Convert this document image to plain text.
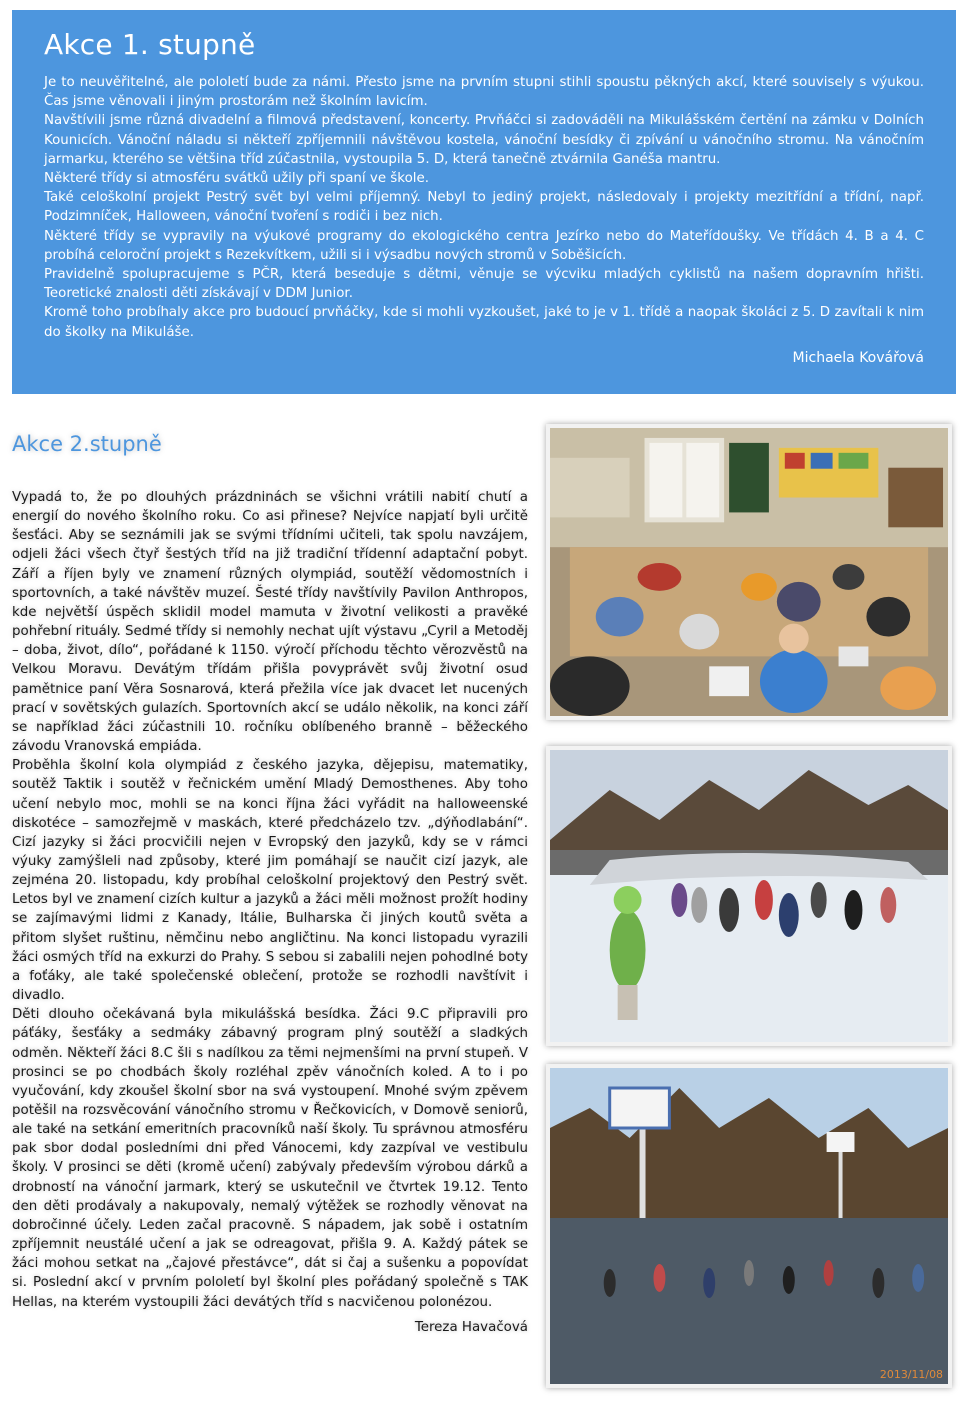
Akce 1. stupně

Je to neuvěřitelné, ale pololetí bude za námi. Přesto jsme na prvním stupni stihli spoustu pěkných akcí, které souvisely s výukou. Čas jsme věnovali i jiným prostorám než školním lavicím.

Navštívili jsme různá divadelní a filmová představení, koncerty. Prvňáčci si zadováděli na Mikulášském čertění na zámku v Dolních Kounicích. Vánoční náladu si někteří zpříjemnili návštěvou kostela, vánoční besídky či zpívání u vánočního stromu. Na vánočním jarmarku, kterého se většina tříd zúčastnila, vystoupila 5. D, která tanečně ztvárnila Ganéša mantru.

Některé třídy si atmosféru svátků užily při spaní ve škole.

Také celoškolní projekt Pestrý svět byl velmi příjemný. Nebyl to jediný projekt, následovaly i projekty mezitřídní a třídní, např. Podzimníček, Halloween, vánoční tvoření s rodiči i bez nich.

Některé třídy se vypravily na výukové programy do ekologického centra Jezírko nebo do Mateřídoušky. Ve třídách 4. B a 4. C probíhá celoroční projekt s Rezekvítkem, užili si i výsadbu nových stromů v Soběšicích.

Pravidelně spolupracujeme s PČR, která beseduje s dětmi, věnuje se výcviku mladých cyklistů na našem dopravním hřišti. Teoretické znalosti děti získávají v DDM Junior.

Kromě toho probíhaly akce pro budoucí prvňáčky, kde si mohli vyzkoušet, jaké to je v 1. třídě a naopak školáci z 5. D zavítali k nim do školky na Mikuláše.

Michaela Kovářová
Akce 2.stupně

Vypadá to, že po dlouhých prázdninách se všichni vrátili nabití chutí a energií do nového školního roku. Co asi přinese? Nejvíce napjatí byli určitě šesťáci. Aby se seznámili jak se svými třídními učiteli, tak spolu navzájem, odjeli žáci všech čtyř šestých tříd na již tradiční třídenní adaptační pobyt. Září a říjen byly ve znamení různých olympiád, soutěží vědomostních i sportovních, a také návštěv muzeí. Šesté třídy navštívily Pavilon Anthropos, kde největší úspěch sklidil model mamuta v životní velikosti a pravěké pohřební rituály. Sedmé třídy si nemohly nechat ujít výstavu „Cyril a Metoděj – doba, život, dílo“, pořádané k 1150. výročí příchodu těchto věrozvěstů na Velkou Moravu. Devátým třídám přišla povyprávět svůj životní osud pamětnice paní Věra Sosnarová, která přežila více jak dvacet let nucených prací v sovětských gulazích. Sportovních akcí se událo několik, na konci září se například žáci zúčastnili 10. ročníku oblíbeného branně – běžeckého závodu Vranovská empiáda.

Proběhla školní kola olympiád z českého jazyka, dějepisu, matematiky, soutěž Taktik i soutěž v řečnickém umění Mladý Demosthenes. Aby toho učení nebylo moc, mohli se na konci října žáci vyřádit na halloweenské diskotéce – samozřejmě v maskách, které předcházelo tzv. „dýňodlabání“. Cizí jazyky si žáci procvičili nejen v Evropský den jazyků, kdy se v rámci výuky zamýšleli nad způsoby, které jim pomáhají se naučit cizí jazyk, ale zejména 20. listopadu, kdy probíhal celoškolní projektový den Pestrý svět. Letos byl ve znamení cizích kultur a jazyků a žáci měli možnost prožít hodiny se zajímavými lidmi z Kanady, Itálie, Bulharska či jiných koutů světa a přitom slyšet ruštinu, němčinu nebo angličtinu. Na konci listopadu vyrazili žáci osmých tříd na exkurzi do Prahy. S sebou si zabalili nejen pohodlné boty a foťáky, ale také společenské oblečení, protože se rozhodli navštívit i divadlo.

Děti dlouho očekávaná byla mikulášská besídka. Žáci 9.C připravili pro páťáky, šesťáky a sedmáky zábavný program plný soutěží a sladkých odměn. Někteří žáci 8.C šli s nadílkou za těmi nejmenšími na první stupeň. V prosinci se po chodbách školy rozléhal zpěv vánočních koled. A to i po vyučování, kdy zkoušel školní sbor na svá vystoupení. Mnohé svým zpěvem potěšil na rozsvěcování vánočního stromu v Řečkovicích, v Domově seniorů, ale také na setkání emeritních pracovníků naší školy. Tu správnou atmosféru pak sbor dodal posledními dni před Vánocemi, kdy zazpíval ve vestibulu školy. V prosinci se děti (kromě učení) zabývaly především výrobou dárků a drobností na vánoční jarmark, který se uskutečnil ve čtvrtek 19.12. Tento den děti prodávaly a nakupovaly, nemalý výtěžek se rozhodly věnovat na dobročinné účely. Leden začal pracovně. S nápadem, jak sobě i ostatním zpříjemnit neustálé učení a jak se odreagovat, přišla 9. A. Každý pátek se žáci mohou setkat na „čajové přestávce“, dát si čaj a sušenku a popovídat si. Poslední akcí v prvním pololetí byl školní ples pořádaný společně s TAK Hellas, na kterém vystoupili žáci devátých tříd s nacvičenou polonézou.

Tereza Havačová
2013/11/08
